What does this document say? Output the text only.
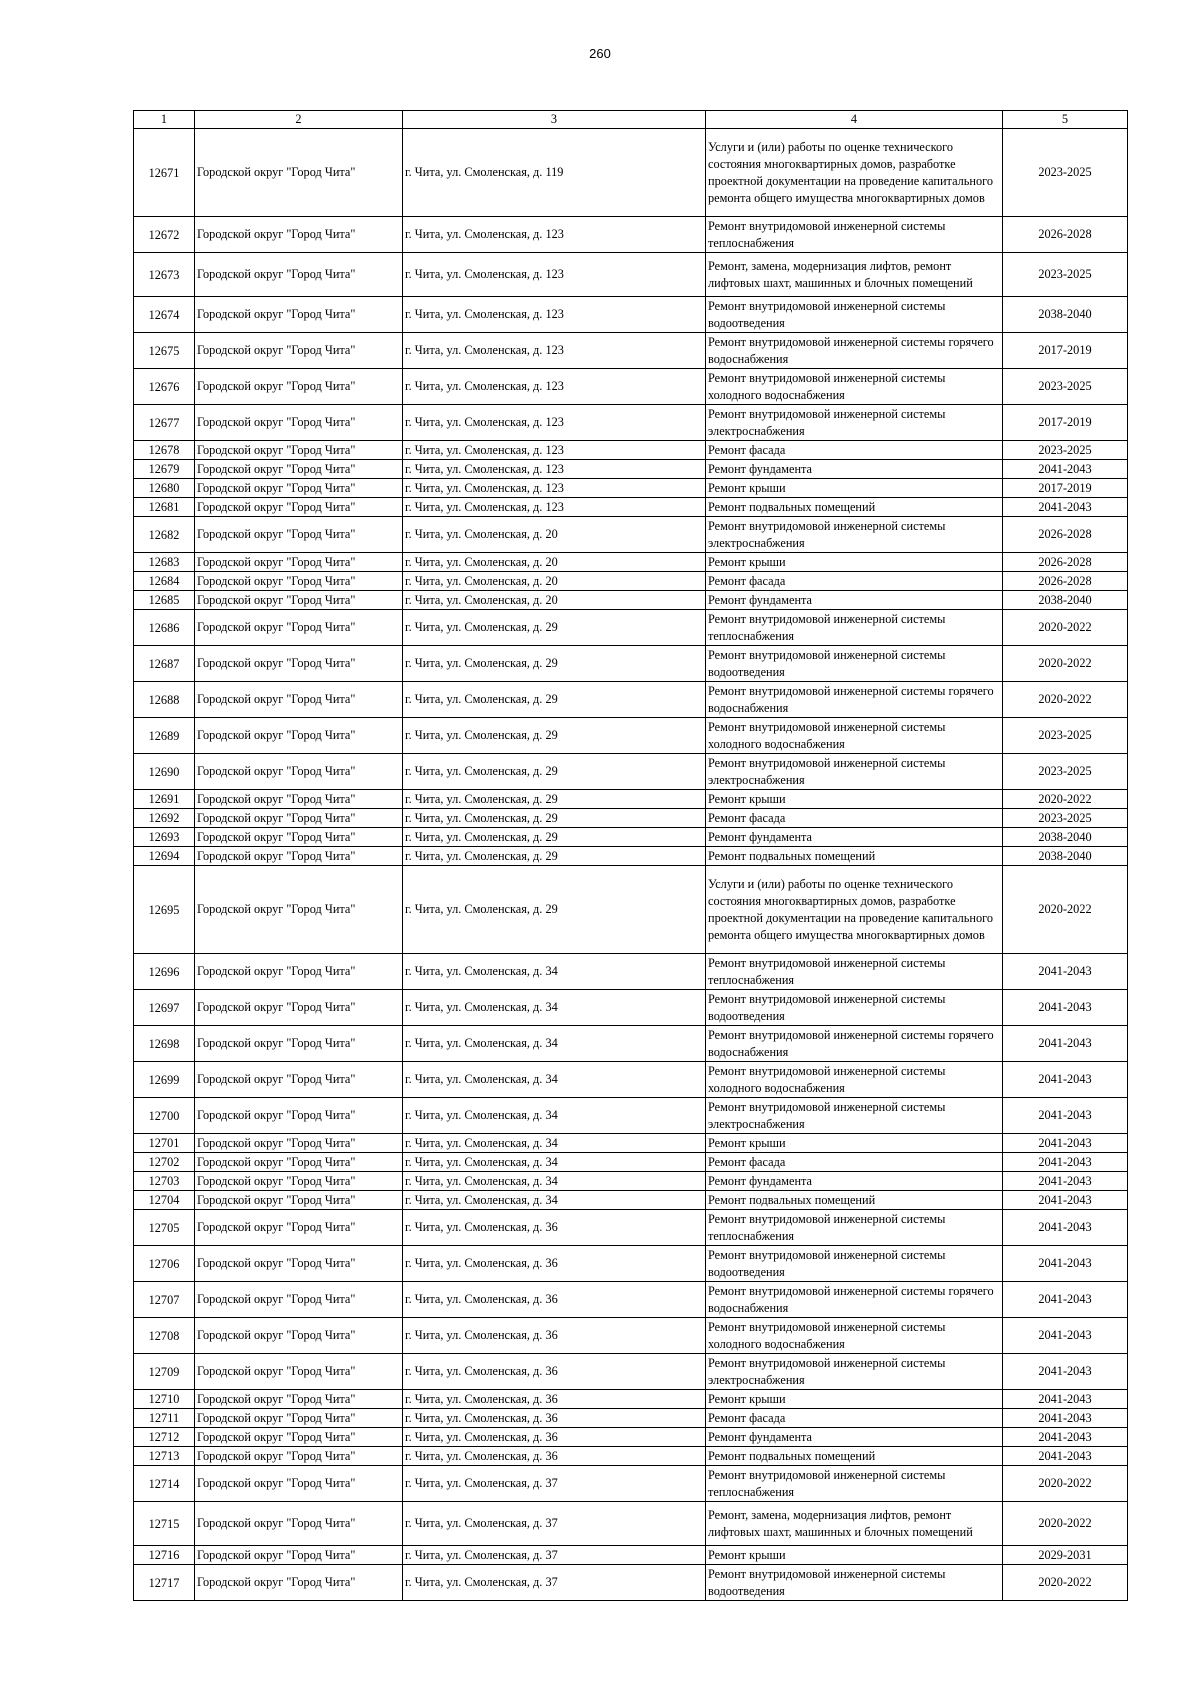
260
1	2	3	4	5
12671	Городской округ "Город Чита"	г. Чита, ул. Смоленская, д. 119	Услуги и (или) работы по оценке технического состояния многоквартирных домов, разработке проектной документации на проведение капитального ремонта общего имущества многоквартирных домов	2023-2025
12672	Городской округ "Город Чита"	г. Чита, ул. Смоленская, д. 123	Ремонт внутридомовой инженерной системы теплоснабжения	2026-2028
12673	Городской округ "Город Чита"	г. Чита, ул. Смоленская, д. 123	Ремонт, замена, модернизация лифтов, ремонт лифтовых шахт, машинных и блочных помещений	2023-2025
12674	Городской округ "Город Чита"	г. Чита, ул. Смоленская, д. 123	Ремонт внутридомовой инженерной системы водоотведения	2038-2040
12675	Городской округ "Город Чита"	г. Чита, ул. Смоленская, д. 123	Ремонт внутридомовой инженерной системы горячего водоснабжения	2017-2019
12676	Городской округ "Город Чита"	г. Чита, ул. Смоленская, д. 123	Ремонт внутридомовой инженерной системы холодного водоснабжения	2023-2025
12677	Городской округ "Город Чита"	г. Чита, ул. Смоленская, д. 123	Ремонт внутридомовой инженерной системы электроснабжения	2017-2019
12678	Городской округ "Город Чита"	г. Чита, ул. Смоленская, д. 123	Ремонт фасада	2023-2025
12679	Городской округ "Город Чита"	г. Чита, ул. Смоленская, д. 123	Ремонт фундамента	2041-2043
12680	Городской округ "Город Чита"	г. Чита, ул. Смоленская, д. 123	Ремонт крыши	2017-2019
12681	Городской округ "Город Чита"	г. Чита, ул. Смоленская, д. 123	Ремонт подвальных помещений	2041-2043
12682	Городской округ "Город Чита"	г. Чита, ул. Смоленская, д. 20	Ремонт внутридомовой инженерной системы электроснабжения	2026-2028
12683	Городской округ "Город Чита"	г. Чита, ул. Смоленская, д. 20	Ремонт крыши	2026-2028
12684	Городской округ "Город Чита"	г. Чита, ул. Смоленская, д. 20	Ремонт фасада	2026-2028
12685	Городской округ "Город Чита"	г. Чита, ул. Смоленская, д. 20	Ремонт фундамента	2038-2040
12686	Городской округ "Город Чита"	г. Чита, ул. Смоленская, д. 29	Ремонт внутридомовой инженерной системы теплоснабжения	2020-2022
12687	Городской округ "Город Чита"	г. Чита, ул. Смоленская, д. 29	Ремонт внутридомовой инженерной системы водоотведения	2020-2022
12688	Городской округ "Город Чита"	г. Чита, ул. Смоленская, д. 29	Ремонт внутридомовой инженерной системы горячего водоснабжения	2020-2022
12689	Городской округ "Город Чита"	г. Чита, ул. Смоленская, д. 29	Ремонт внутридомовой инженерной системы холодного водоснабжения	2023-2025
12690	Городской округ "Город Чита"	г. Чита, ул. Смоленская, д. 29	Ремонт внутридомовой инженерной системы электроснабжения	2023-2025
12691	Городской округ "Город Чита"	г. Чита, ул. Смоленская, д. 29	Ремонт крыши	2020-2022
12692	Городской округ "Город Чита"	г. Чита, ул. Смоленская, д. 29	Ремонт фасада	2023-2025
12693	Городской округ "Город Чита"	г. Чита, ул. Смоленская, д. 29	Ремонт фундамента	2038-2040
12694	Городской округ "Город Чита"	г. Чита, ул. Смоленская, д. 29	Ремонт подвальных помещений	2038-2040
12695	Городской округ "Город Чита"	г. Чита, ул. Смоленская, д. 29	Услуги и (или) работы по оценке технического состояния многоквартирных домов, разработке проектной документации на проведение капитального ремонта общего имущества многоквартирных домов	2020-2022
12696	Городской округ "Город Чита"	г. Чита, ул. Смоленская, д. 34	Ремонт внутридомовой инженерной системы теплоснабжения	2041-2043
12697	Городской округ "Город Чита"	г. Чита, ул. Смоленская, д. 34	Ремонт внутридомовой инженерной системы водоотведения	2041-2043
12698	Городской округ "Город Чита"	г. Чита, ул. Смоленская, д. 34	Ремонт внутридомовой инженерной системы горячего водоснабжения	2041-2043
12699	Городской округ "Город Чита"	г. Чита, ул. Смоленская, д. 34	Ремонт внутридомовой инженерной системы холодного водоснабжения	2041-2043
12700	Городской округ "Город Чита"	г. Чита, ул. Смоленская, д. 34	Ремонт внутридомовой инженерной системы электроснабжения	2041-2043
12701	Городской округ "Город Чита"	г. Чита, ул. Смоленская, д. 34	Ремонт крыши	2041-2043
12702	Городской округ "Город Чита"	г. Чита, ул. Смоленская, д. 34	Ремонт фасада	2041-2043
12703	Городской округ "Город Чита"	г. Чита, ул. Смоленская, д. 34	Ремонт фундамента	2041-2043
12704	Городской округ "Город Чита"	г. Чита, ул. Смоленская, д. 34	Ремонт подвальных помещений	2041-2043
12705	Городской округ "Город Чита"	г. Чита, ул. Смоленская, д. 36	Ремонт внутридомовой инженерной системы теплоснабжения	2041-2043
12706	Городской округ "Город Чита"	г. Чита, ул. Смоленская, д. 36	Ремонт внутридомовой инженерной системы водоотведения	2041-2043
12707	Городской округ "Город Чита"	г. Чита, ул. Смоленская, д. 36	Ремонт внутридомовой инженерной системы горячего водоснабжения	2041-2043
12708	Городской округ "Город Чита"	г. Чита, ул. Смоленская, д. 36	Ремонт внутридомовой инженерной системы холодного водоснабжения	2041-2043
12709	Городской округ "Город Чита"	г. Чита, ул. Смоленская, д. 36	Ремонт внутридомовой инженерной системы электроснабжения	2041-2043
12710	Городской округ "Город Чита"	г. Чита, ул. Смоленская, д. 36	Ремонт крыши	2041-2043
12711	Городской округ "Город Чита"	г. Чита, ул. Смоленская, д. 36	Ремонт фасада	2041-2043
12712	Городской округ "Город Чита"	г. Чита, ул. Смоленская, д. 36	Ремонт фундамента	2041-2043
12713	Городской округ "Город Чита"	г. Чита, ул. Смоленская, д. 36	Ремонт подвальных помещений	2041-2043
12714	Городской округ "Город Чита"	г. Чита, ул. Смоленская, д. 37	Ремонт внутридомовой инженерной системы теплоснабжения	2020-2022
12715	Городской округ "Город Чита"	г. Чита, ул. Смоленская, д. 37	Ремонт, замена, модернизация лифтов, ремонт лифтовых шахт, машинных и блочных помещений	2020-2022
12716	Городской округ "Город Чита"	г. Чита, ул. Смоленская, д. 37	Ремонт крыши	2029-2031
12717	Городской округ "Город Чита"	г. Чита, ул. Смоленская, д. 37	Ремонт внутридомовой инженерной системы водоотведения	2020-2022
